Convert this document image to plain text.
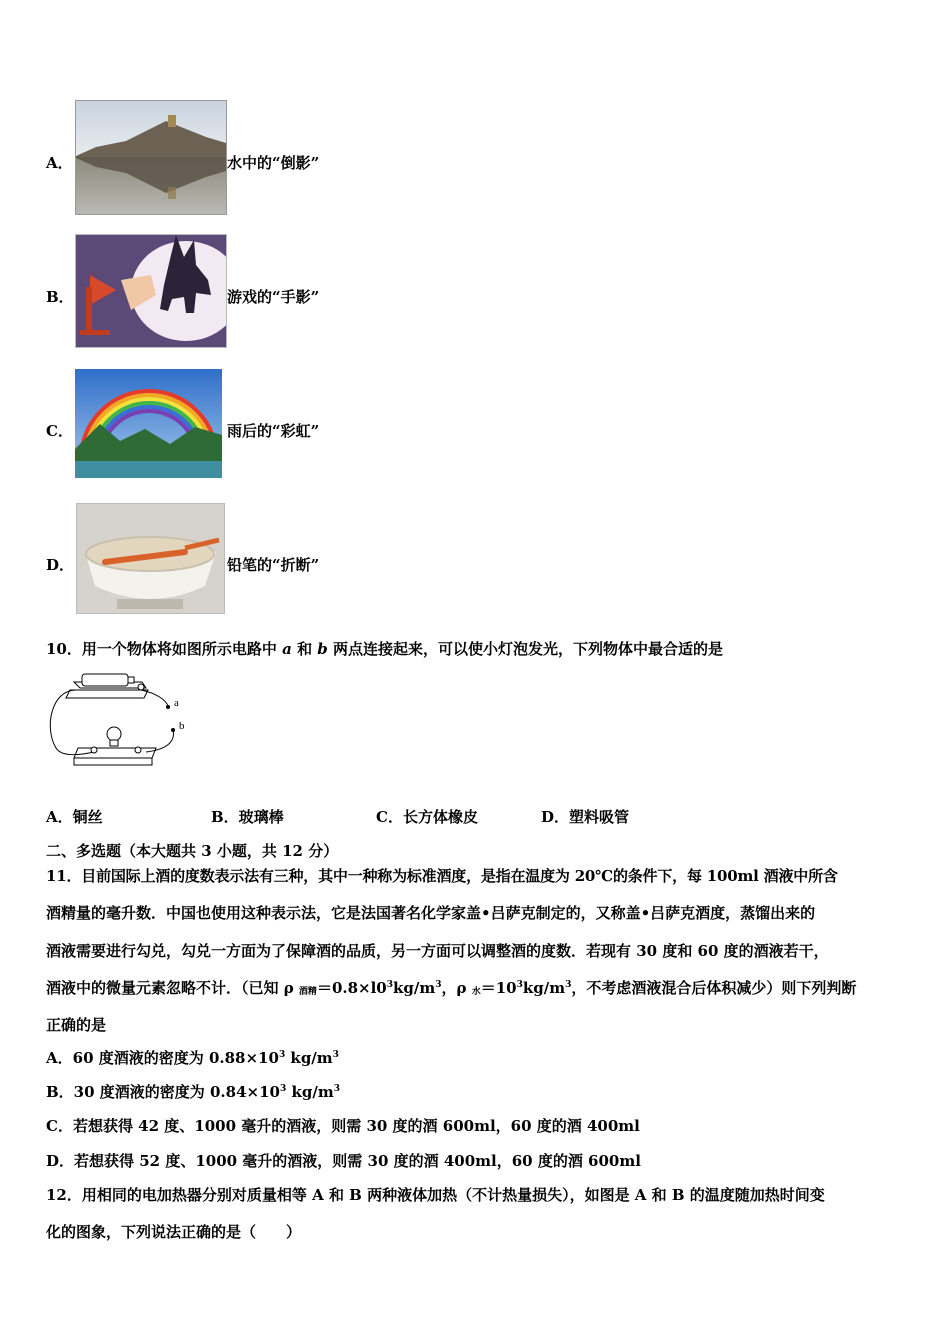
A．	水中的“倒影”
B．	游戏的“手影”
C．	雨后的“彩虹”
D．	铅笔的“折断”
10．用一个物体将如图所示电路中 a 和 b 两点连接起来，可以使小灯泡发光，下列物体中最合适的是
a
b
A．铜丝	B．玻璃棒	C．长方体橡皮	D．塑料吸管
二、多选题（本大题共 3 小题，共 12 分）
11．目前国际上酒的度数表示法有三种，其中一种称为标准酒度，是指在温度为 20℃的条件下，每 100ml 酒液中所含
酒精量的毫升数．中国也使用这种表示法，它是法国著名化学家盖•吕萨克制定的，又称盖•吕萨克酒度，蒸馏出来的
酒液需要进行勾兑，勾兑一方面为了保障酒的品质，另一方面可以调整酒的度数．若现有 30 度和 60 度的酒液若干，
酒液中的微量元素忽略不计．（已知 ρ $_{酒精}=0.8\times l0^3kg/m^3$，ρ $_水=10^3kg/m^3$，不考虑酒液混合后体积减少）则下列判断
正确的是
A．60 度酒液的密度为 $0.88\times 10^3$ $kg/m^3$
B．30 度酒液的密度为 $0.84\times 10^3$ $kg/m^3$
C．若想获得 42 度、1000 毫升的酒液，则需 30 度的酒 600ml，60 度的酒 400ml
D．若想获得 52 度、1000 毫升的酒液，则需 30 度的酒 400ml，60 度的酒 600ml
12．用相同的电加热器分别对质量相等 A 和 B 两种液体加热（不计热量损失），如图是 A 和 B 的温度随加热时间变
化的图象，下列说法正确的是（　　）
